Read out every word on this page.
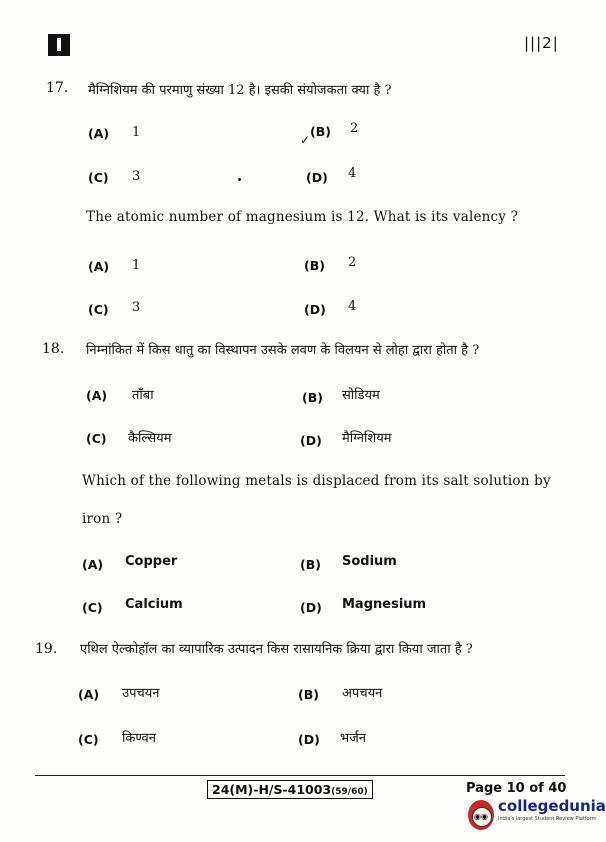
|||2|
17. मैग्निशियम की परमाणु संख्या 12 है। इसकी संयोजकता क्या है ?
(A) 1	(B) 2
✓
(C) 3	(D) 4
The atomic number of magnesium is 12. What is its valency ?
(A) 1	(B) 2
(C) 3	(D) 4
18. निम्नांकित में किस धातु का विस्थापन उसके लवण के विलयन से लोहा द्वारा होता है ?
(A) ताँबा	(B) सोडियम
(C) कैल्सियम	(D) मैग्निशियम
Which of the following metals is displaced from its salt solution by
iron ?
(A) Copper	(B) Sodium
(C) Calcium	(D) Magnesium
19. एथिल ऐल्कोहॉल का व्यापारिक उत्पादन किस रासायनिक क्रिया द्वारा किया जाता है ?
(A) उपचयन	(B) अपचयन
(C) किण्वन	(D) भर्जन
24(M)-H/S-41003(59/60)	Page 10 of 40
◉◉
collegedunia
India's largest Student Review Platform
